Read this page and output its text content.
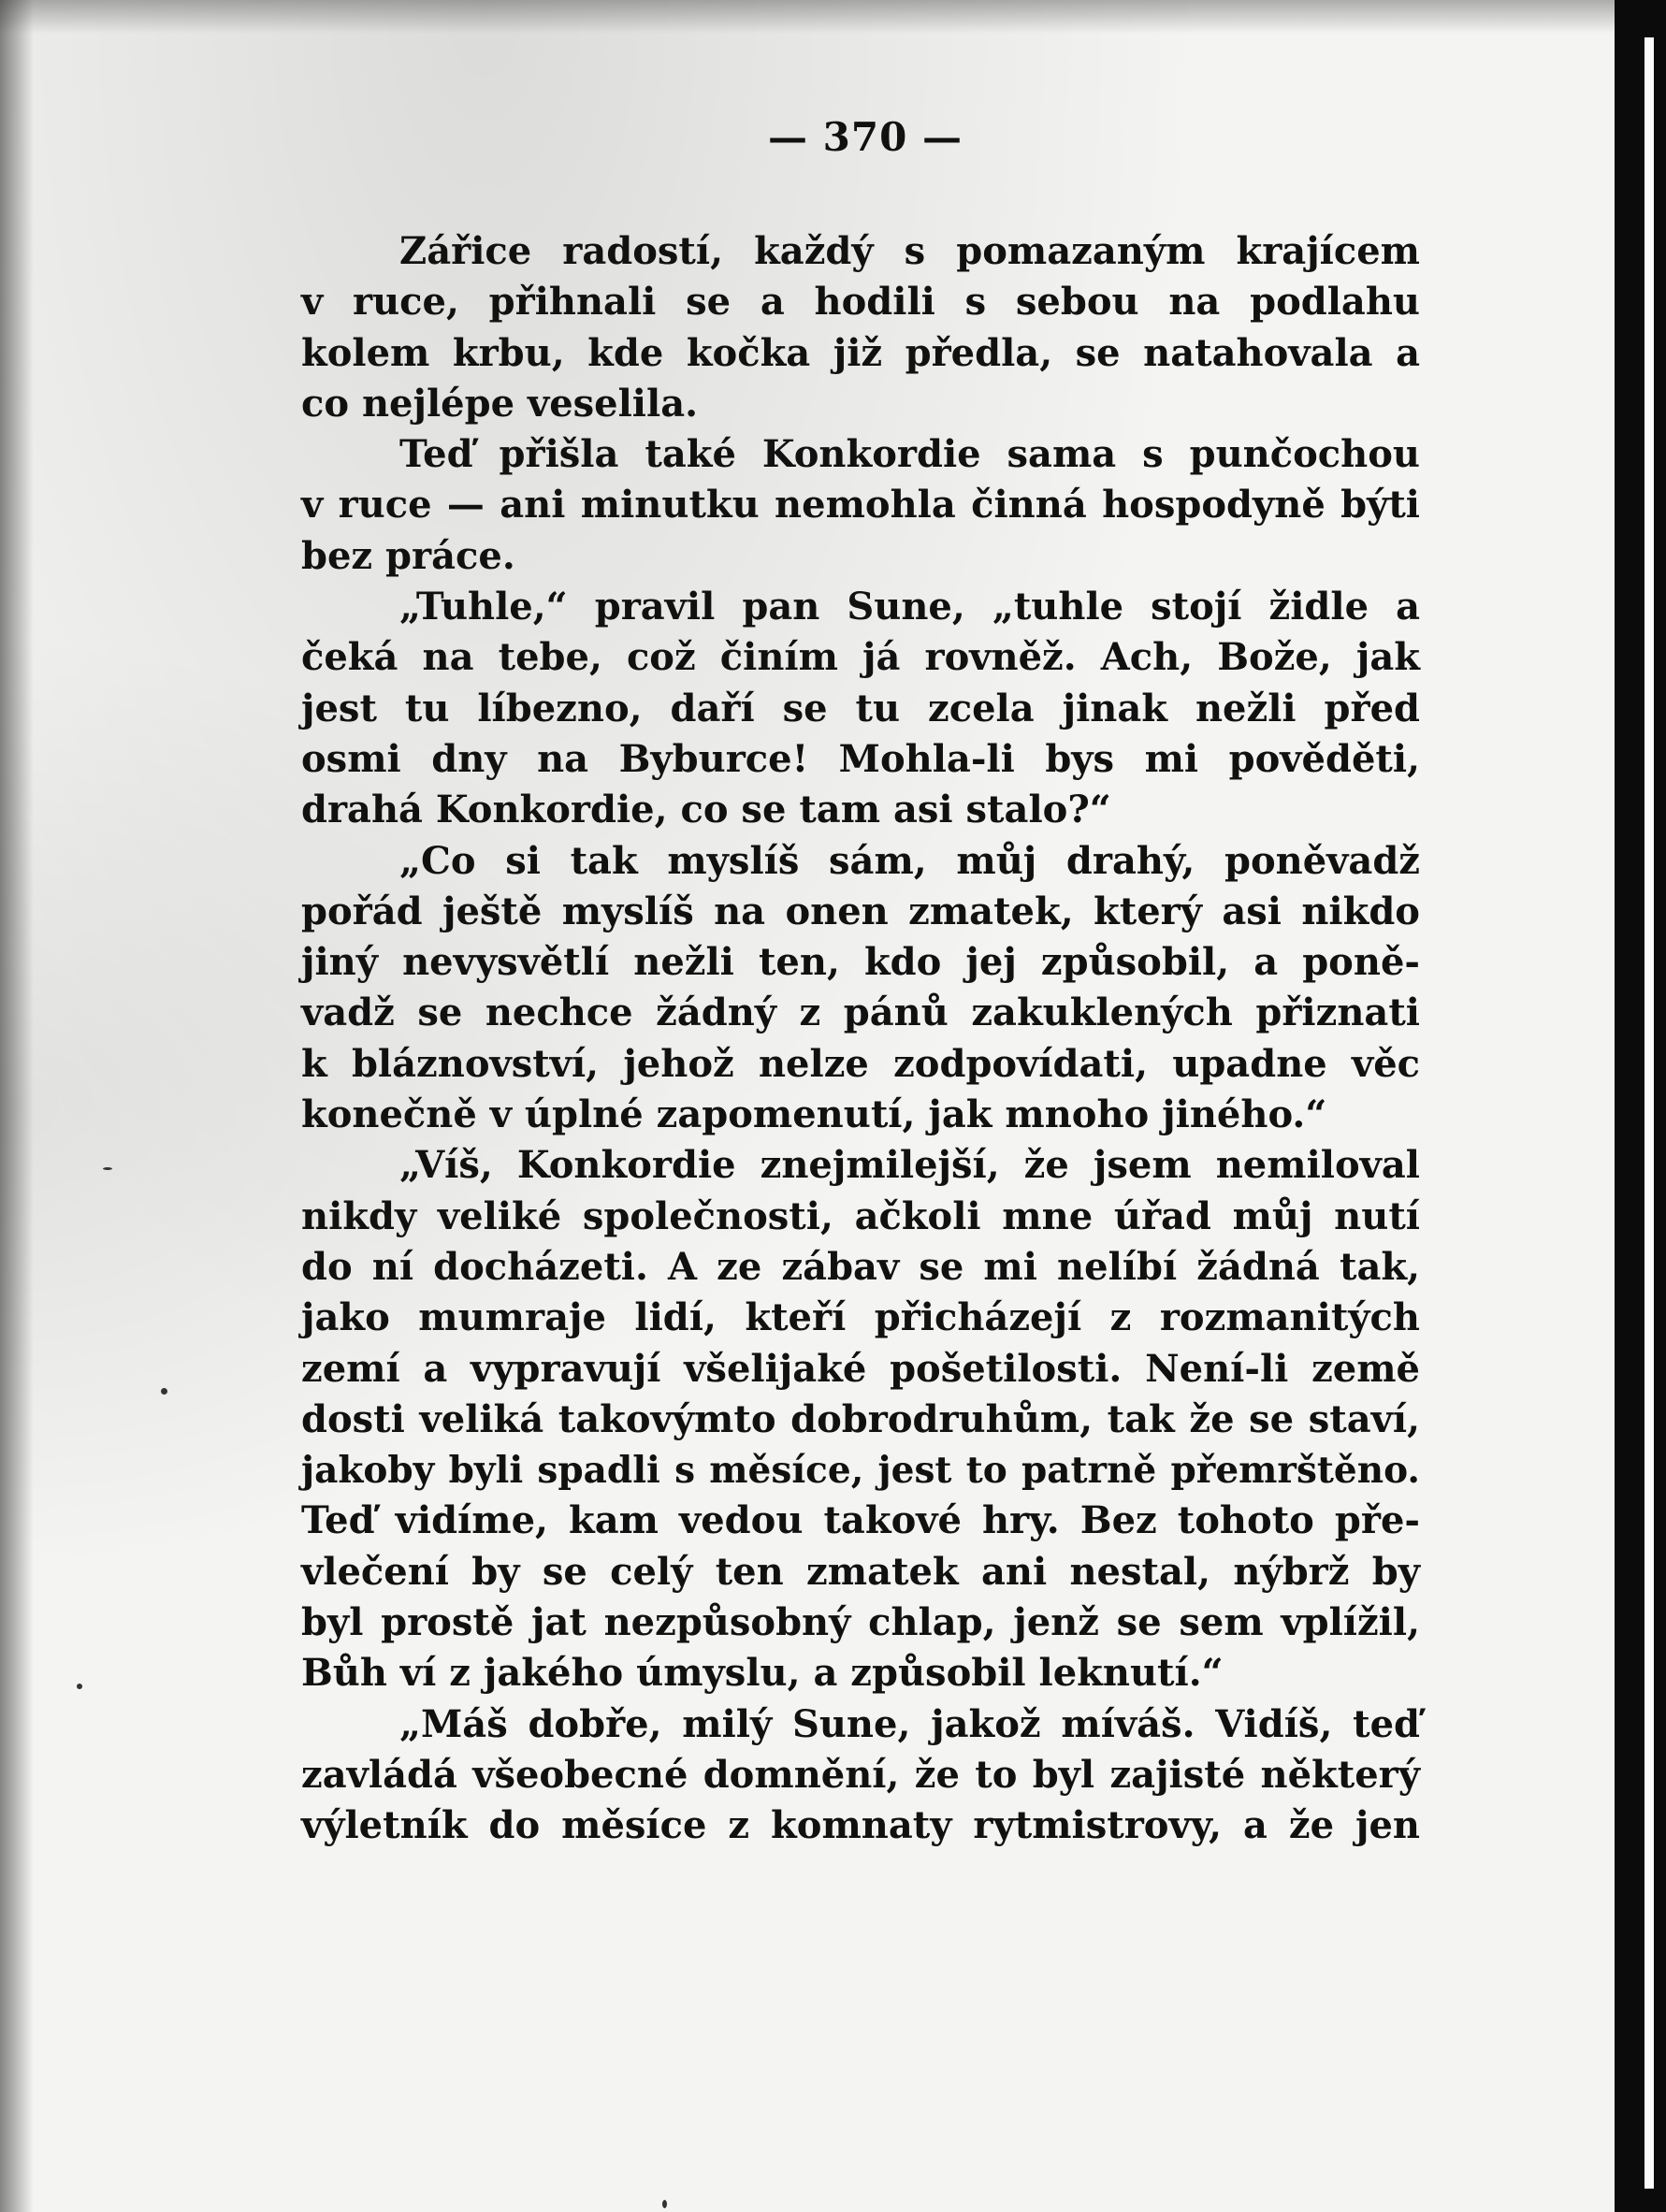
— 370 —
Zářice radostí, každý s pomazaným krajícem
v ruce, přihnali se a hodili s sebou na podlahu
kolem krbu, kde kočka již předla, se natahovala a
co nejlépe veselila.
Teď přišla také Konkordie sama s punčochou
v ruce — ani minutku nemohla činná hospodyně býti
bez práce.
„Tuhle,“ pravil pan Sune, „tuhle stojí židle a
čeká na tebe, což činím já rovněž. Ach, Bože, jak
jest tu líbezno, daří se tu zcela jinak nežli před
osmi dny na Byburce! Mohla-li bys mi pověděti,
drahá Konkordie, co se tam asi stalo?“
„Co si tak myslíš sám, můj drahý, poněvadž
pořád ještě myslíš na onen zmatek, který asi nikdo
jiný nevysvětlí nežli ten, kdo jej způsobil, a poně-
vadž se nechce žádný z pánů zakuklených přiznati
k bláznovství, jehož nelze zodpovídati, upadne věc
konečně v úplné zapomenutí, jak mnoho jiného.“
„Víš, Konkordie znejmilejší, že jsem nemiloval
nikdy veliké společnosti, ačkoli mne úřad můj nutí
do ní docházeti. A ze zábav se mi nelíbí žádná tak,
jako mumraje lidí, kteří přicházejí z rozmanitých
zemí a vypravují všelijaké pošetilosti. Není-li země
dosti veliká takovýmto dobrodruhům, tak že se staví,
jakoby byli spadli s měsíce, jest to patrně přemrštěno.
Teď vidíme, kam vedou takové hry. Bez tohoto pře-
vlečení by se celý ten zmatek ani nestal, nýbrž by
byl prostě jat nezpůsobný chlap, jenž se sem vplížil,
Bůh ví z jakého úmyslu, a způsobil leknutí.“
„Máš dobře, milý Sune, jakož míváš. Vidíš, teď
zavládá všeobecné domnění, že to byl zajisté některý
výletník do měsíce z komnaty rytmistrovy, a že jen
